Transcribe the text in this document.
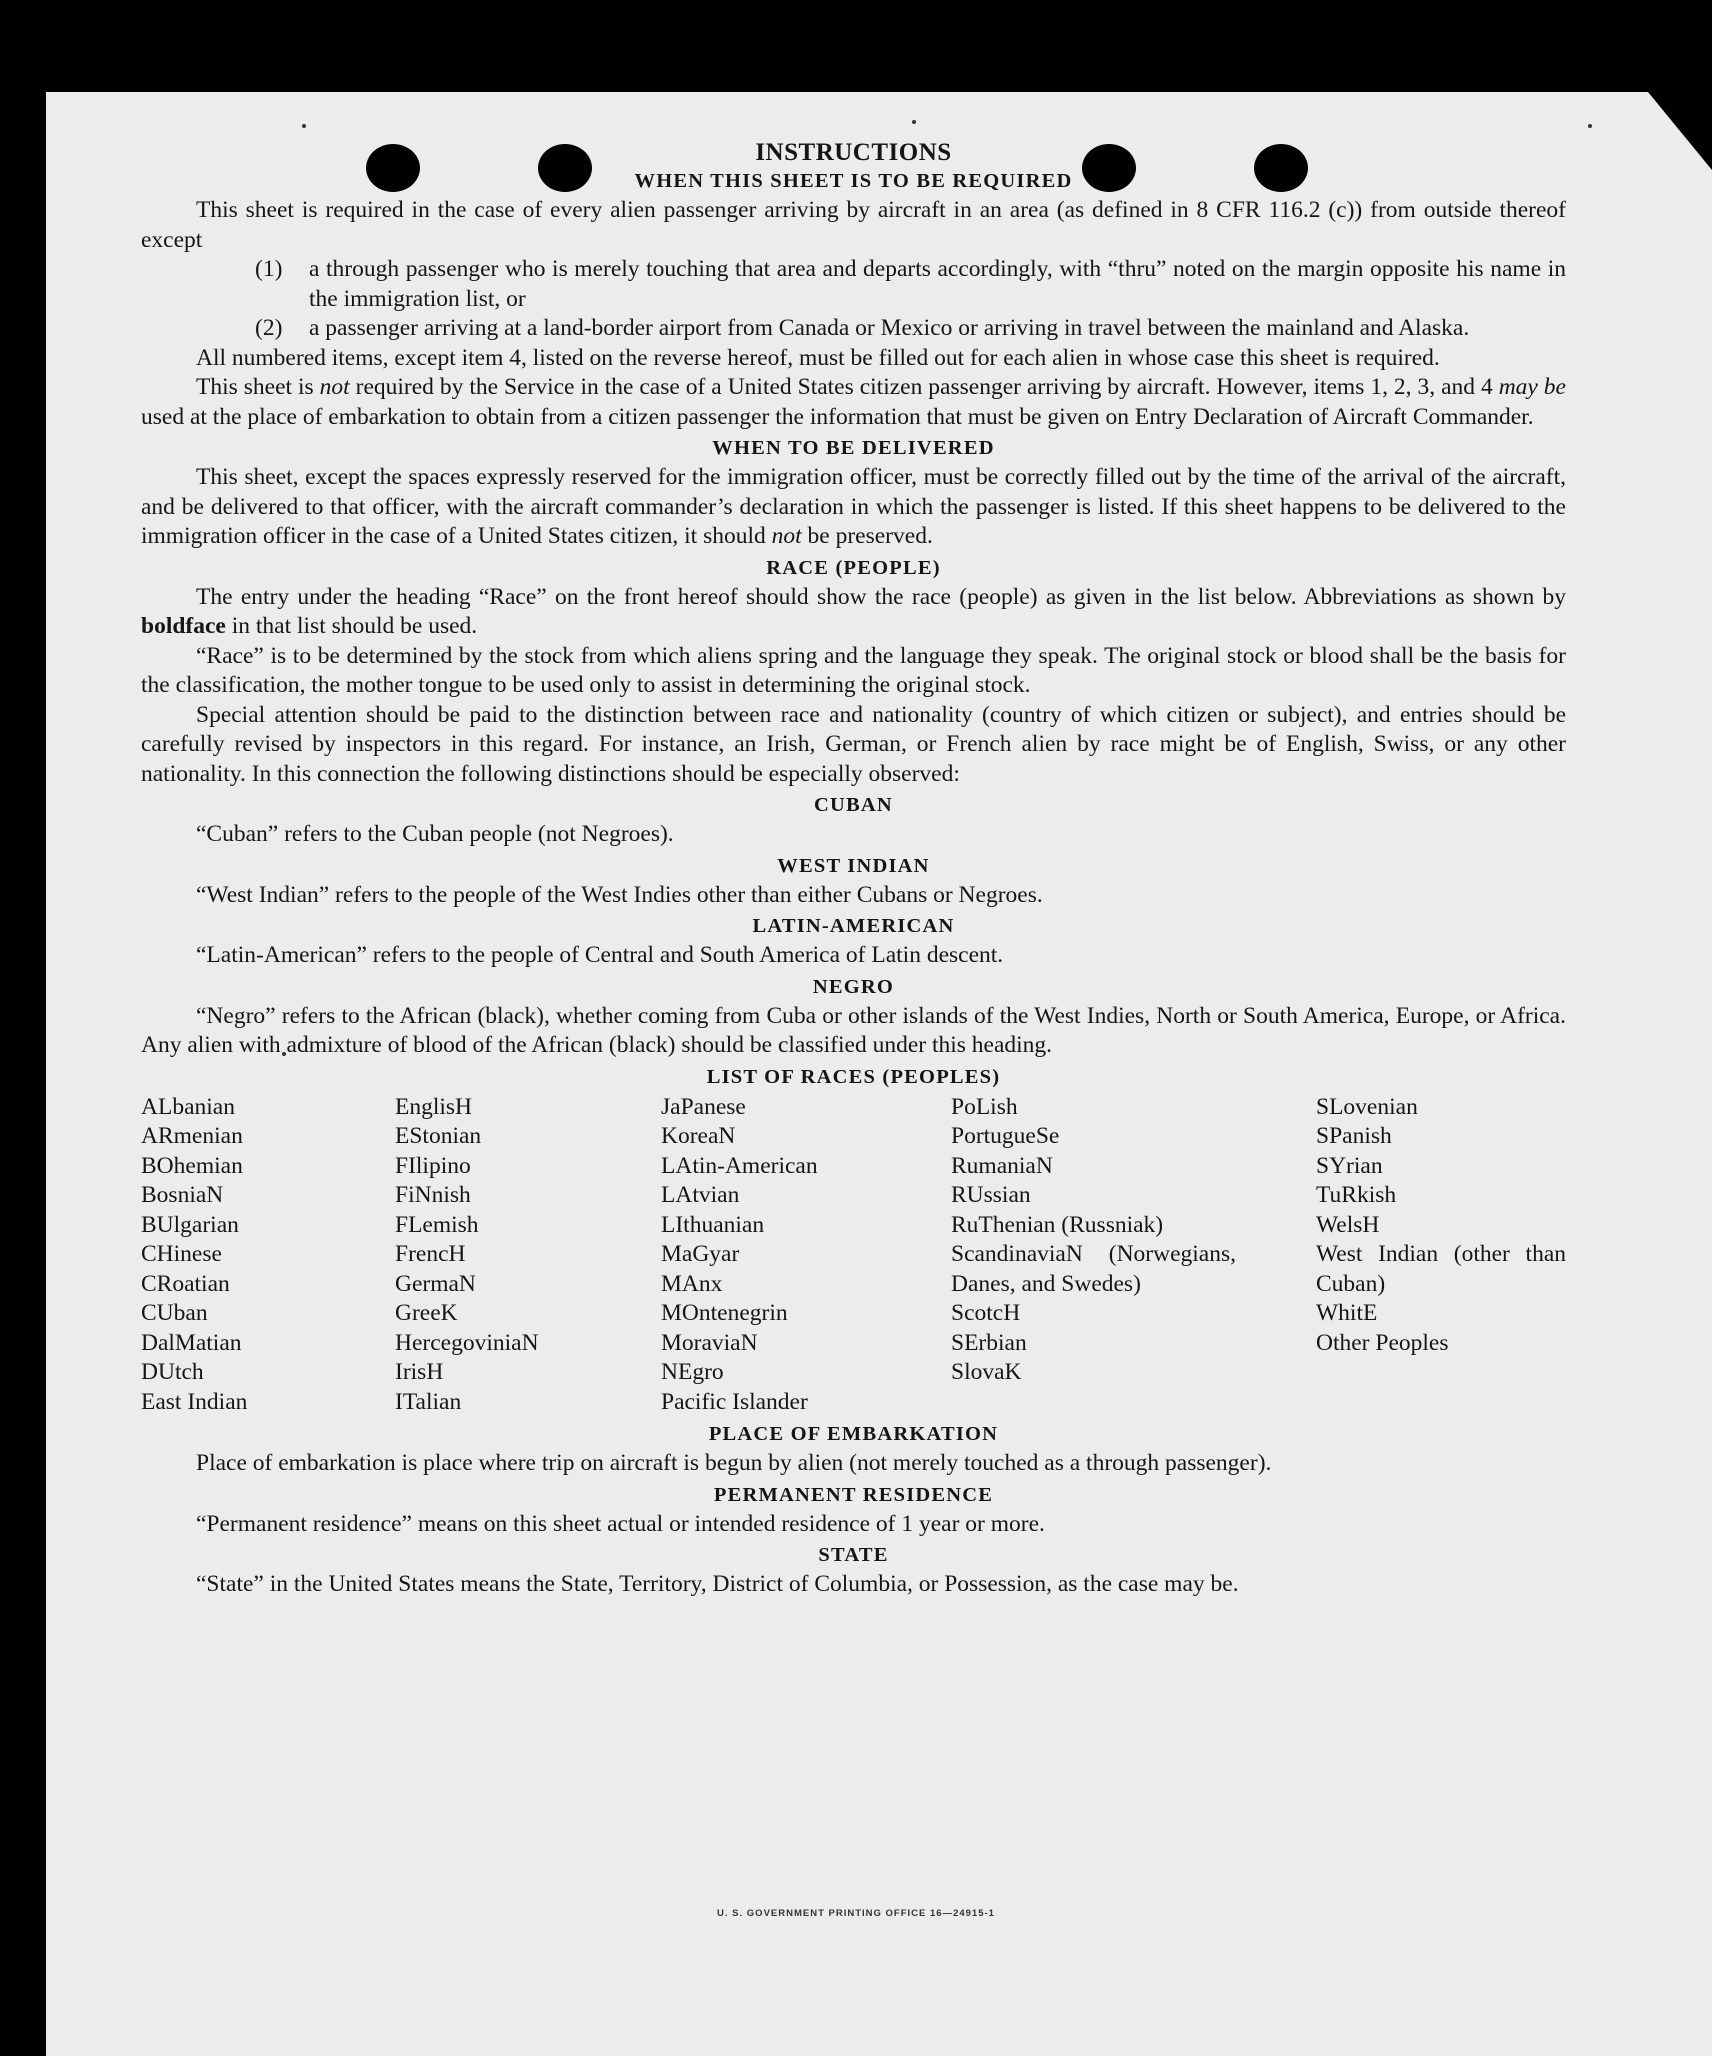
INSTRUCTIONS
WHEN THIS SHEET IS TO BE REQUIRED

This sheet is required in the case of every alien passenger arriving by aircraft in an area (as defined in 8 CFR 116.2 (c)) from outside thereof except

(1)	a through passenger who is merely touching that area and departs accordingly, with “thru” noted on the margin opposite his name in the immigration list, or
(2)	a passenger arriving at a land-border airport from Canada or Mexico or arriving in travel between the mainland and Alaska.

All numbered items, except item 4, listed on the reverse hereof, must be filled out for each alien in whose case this sheet is required.

This sheet is not required by the Service in the case of a United States citizen passenger arriving by aircraft. However, items 1, 2, 3, and 4 may be used at the place of embarkation to obtain from a citizen passenger the information that must be given on Entry Declaration of Aircraft Commander.

WHEN TO BE DELIVERED

This sheet, except the spaces expressly reserved for the immigration officer, must be correctly filled out by the time of the arrival of the aircraft, and be delivered to that officer, with the aircraft commander’s declaration in which the passenger is listed. If this sheet happens to be delivered to the immigration officer in the case of a United States citizen, it should not be preserved.

RACE (PEOPLE)

The entry under the heading “Race” on the front hereof should show the race (people) as given in the list below. Abbreviations as shown by boldface in that list should be used.

“Race” is to be determined by the stock from which aliens spring and the language they speak. The original stock or blood shall be the basis for the classification, the mother tongue to be used only to assist in determining the original stock.

Special attention should be paid to the distinction between race and nationality (country of which citizen or subject), and entries should be carefully revised by inspectors in this regard. For instance, an Irish, German, or French alien by race might be of English, Swiss, or any other nationality. In this connection the following distinctions should be especially observed:

CUBAN

“Cuban” refers to the Cuban people (not Negroes).

WEST INDIAN

“West Indian” refers to the people of the West Indies other than either Cubans or Negroes.

LATIN-AMERICAN

“Latin-American” refers to the people of Central and South America of Latin descent.

NEGRO

“Negro” refers to the African (black), whether coming from Cuba or other islands of the West Indies, North or South America, Europe, or Africa. Any alien with admixture of blood of the African (black) should be classified under this heading.

LIST OF RACES (PEOPLES)
ALbanian
ARmenian
BOhemian
BosniaN
BUlgarian
CHinese
CRoatian
CUban
DalMatian
DUtch
East Indian
EnglisH
EStonian
FIlipino
FiNnish
FLemish
FrencH
GermaN
GreeK
HercegoviniaN
IrisH
ITalian
JaPanese
KoreaN
LAtin-American
LAtvian
LIthuanian
MaGyar
MAnx
MOntenegrin
MoraviaN
NEgro
Pacific Islander
PoLish
PortugueSe
RumaniaN
RUssian
RuThenian (Russniak)
ScandinaviaN (Norwegians, Danes, and Swedes)
ScotcH
SErbian
SlovaK
SLovenian
SPanish
SYrian
TuRkish
WelsH
West Indian (other than Cuban)
WhitE
Other Peoples
PLACE OF EMBARKATION

Place of embarkation is place where trip on aircraft is begun by alien (not merely touched as a through passenger).

PERMANENT RESIDENCE

“Permanent residence” means on this sheet actual or intended residence of 1 year or more.

STATE

“State” in the United States means the State, Territory, District of Columbia, or Possession, as the case may be.

U. S. GOVERNMENT PRINTING OFFICE 16—24915-1
